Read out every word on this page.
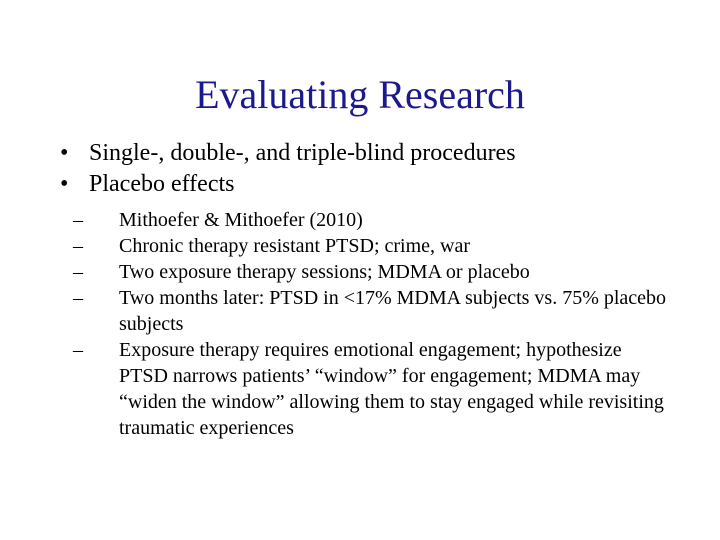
Evaluating Research
• Single-, double-, and triple-blind procedures
• Placebo effects
– Mithoefer & Mithoefer (2010)
– Chronic therapy resistant PTSD; crime, war
– Two exposure therapy sessions; MDMA or placebo
– Two months later: PTSD in <17% MDMA subjects vs. 75% placebo subjects
– Exposure therapy requires emotional engagement; hypothesize PTSD narrows patients’ “window” for engagement; MDMA may “widen the window” allowing them to stay engaged while revisiting traumatic experiences
